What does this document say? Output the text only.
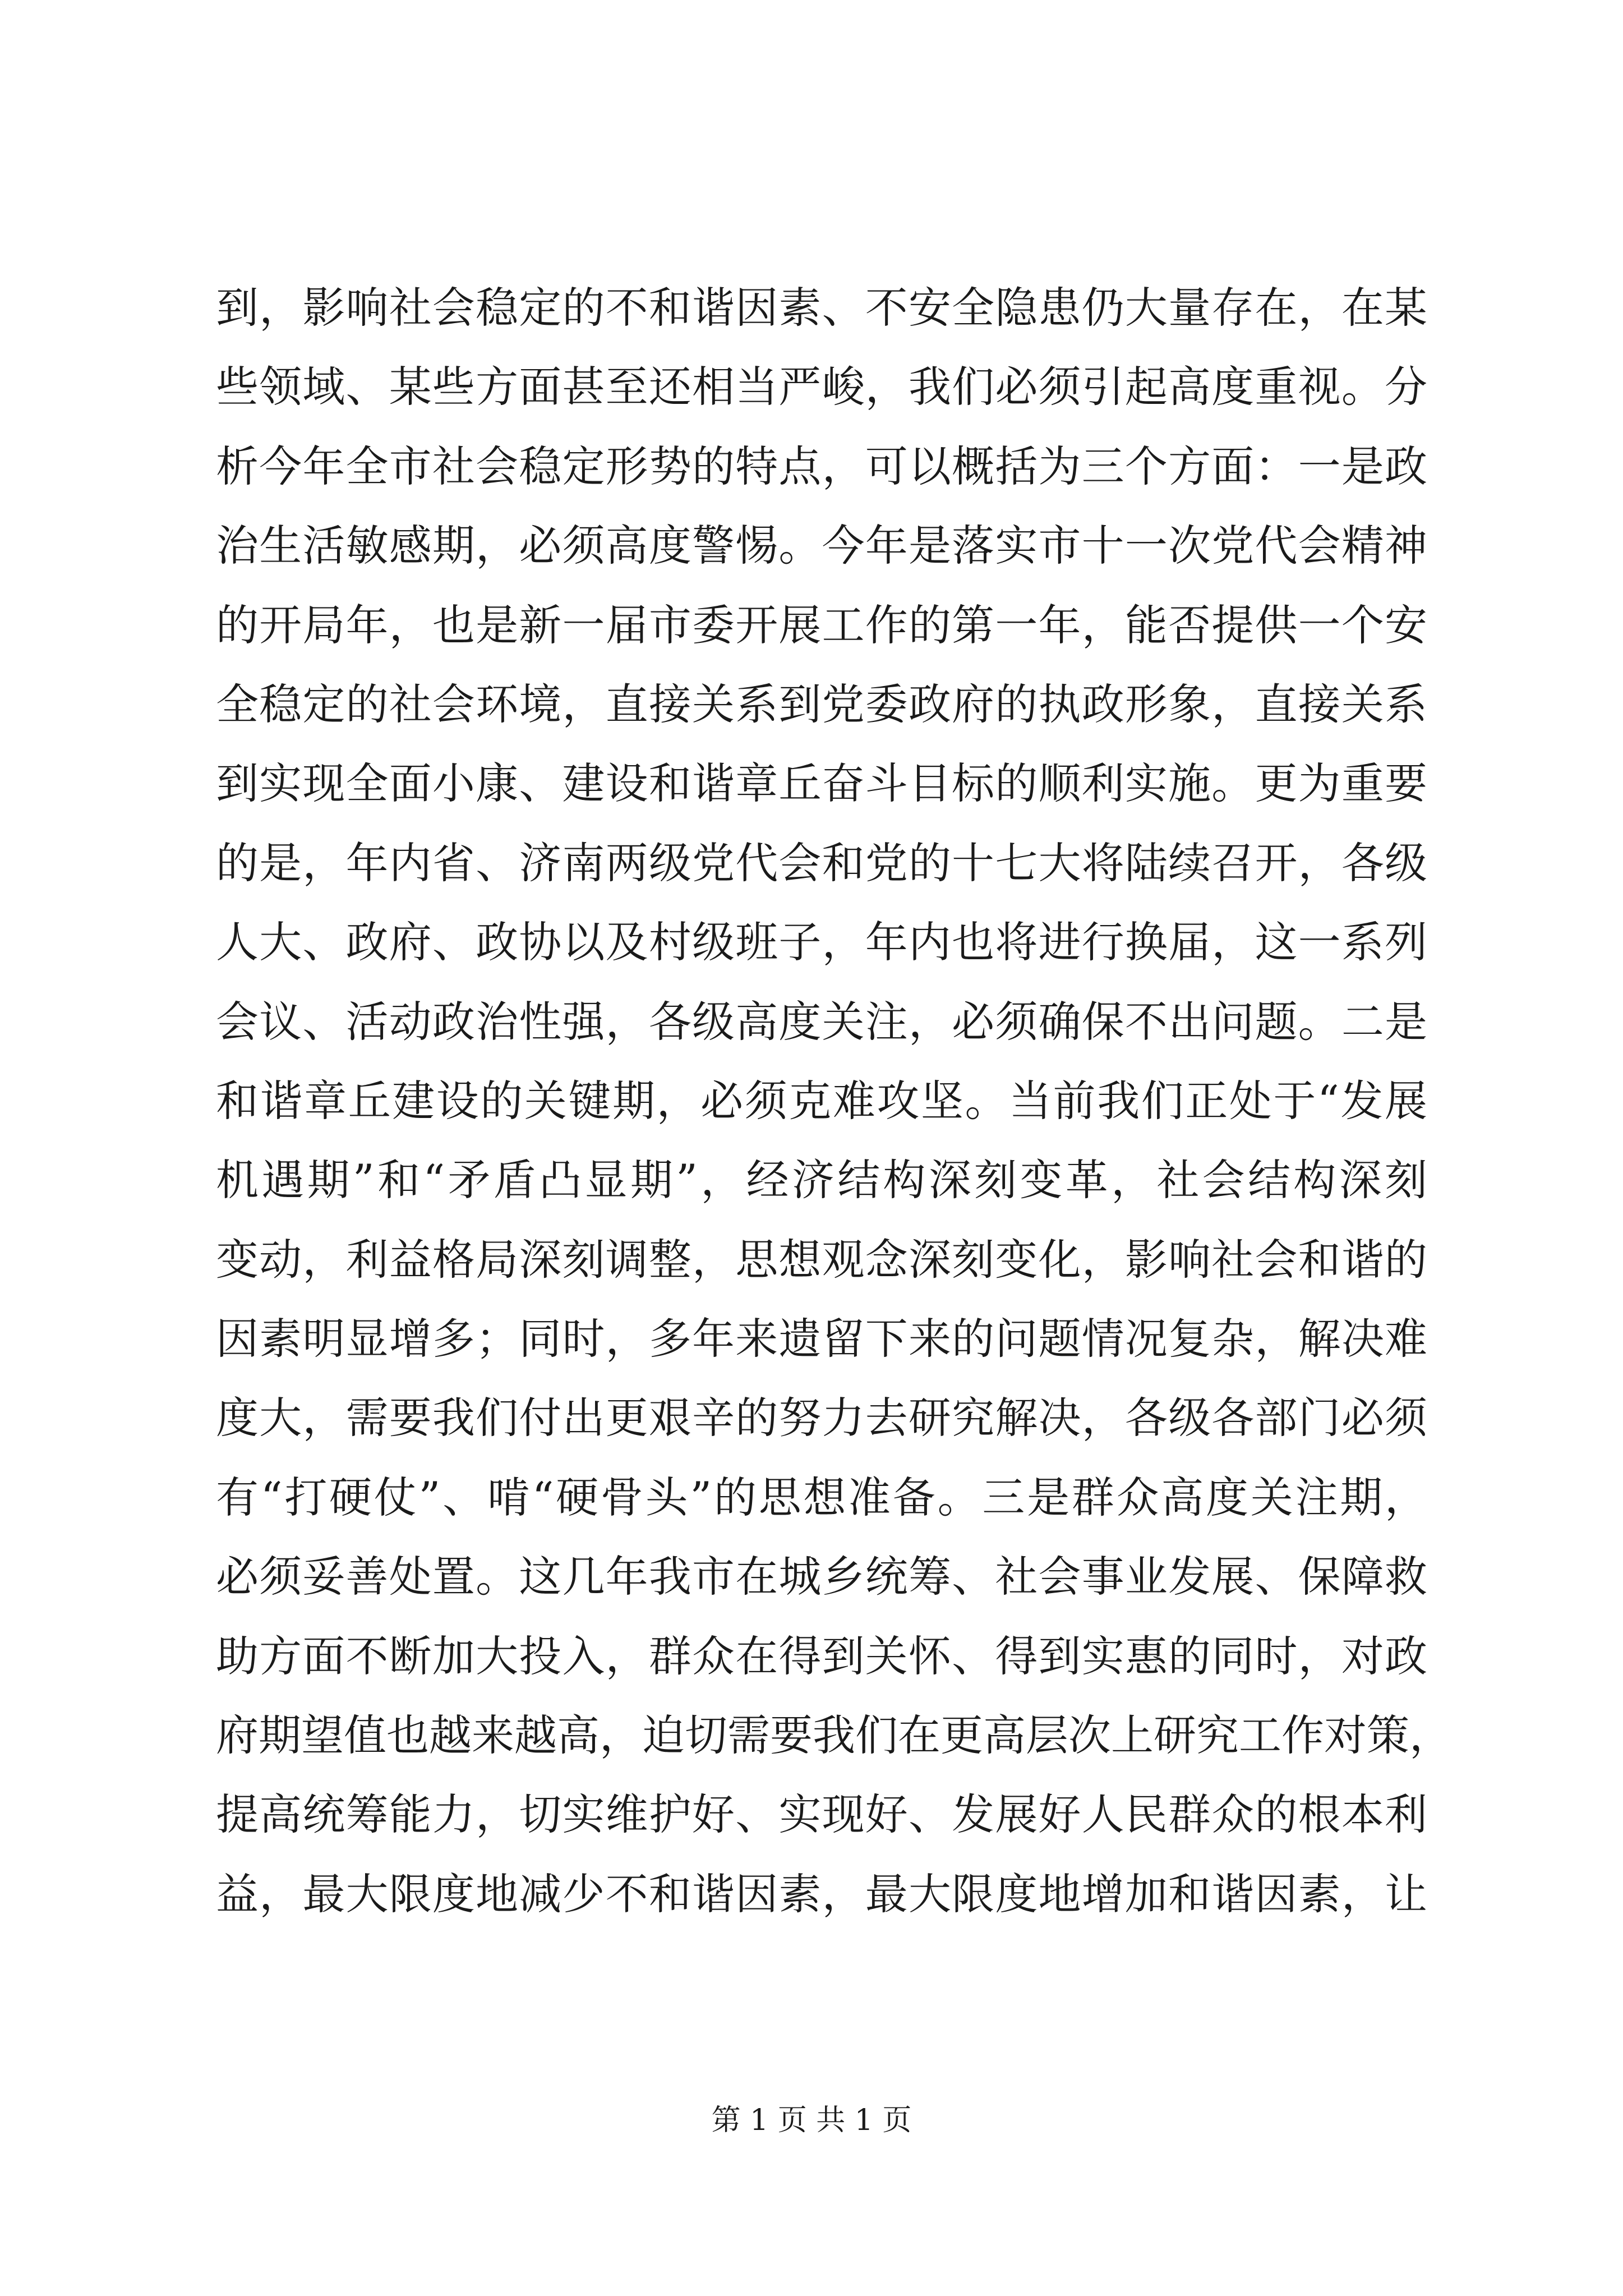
到，影响社会稳定的不和谐因素、不安全隐患仍大量存在，在某
些领域、某些方面甚至还相当严峻，我们必须引起高度重视。分
析今年全市社会稳定形势的特点，可以概括为三个方面：一是政
治生活敏感期，必须高度警惕。今年是落实市十一次党代会精神
的开局年，也是新一届市委开展工作的第一年，能否提供一个安
全稳定的社会环境，直接关系到党委政府的执政形象，直接关系
到实现全面小康、建设和谐章丘奋斗目标的顺利实施。更为重要
的是，年内省、济南两级党代会和党的十七大将陆续召开，各级
人大、政府、政协以及村级班子，年内也将进行换届，这一系列
会议、活动政治性强，各级高度关注，必须确保不出问题。二是
和谐章丘建设的关键期，必须克难攻坚。当前我们正处于“发展
机遇期”和“矛盾凸显期”，经济结构深刻变革，社会结构深刻
变动，利益格局深刻调整，思想观念深刻变化，影响社会和谐的
因素明显增多；同时，多年来遗留下来的问题情况复杂，解决难
度大，需要我们付出更艰辛的努力去研究解决，各级各部门必须
有“打硬仗”、啃“硬骨头”的思想准备。三是群众高度关注期，
必须妥善处置。这几年我市在城乡统筹、社会事业发展、保障救
助方面不断加大投入，群众在得到关怀、得到实惠的同时，对政
府期望值也越来越高，迫切需要我们在更高层次上研究工作对策，
提高统筹能力，切实维护好、实现好、发展好人民群众的根本利
益，最大限度地减少不和谐因素，最大限度地增加和谐因素，让
第 1 页 共 1 页
